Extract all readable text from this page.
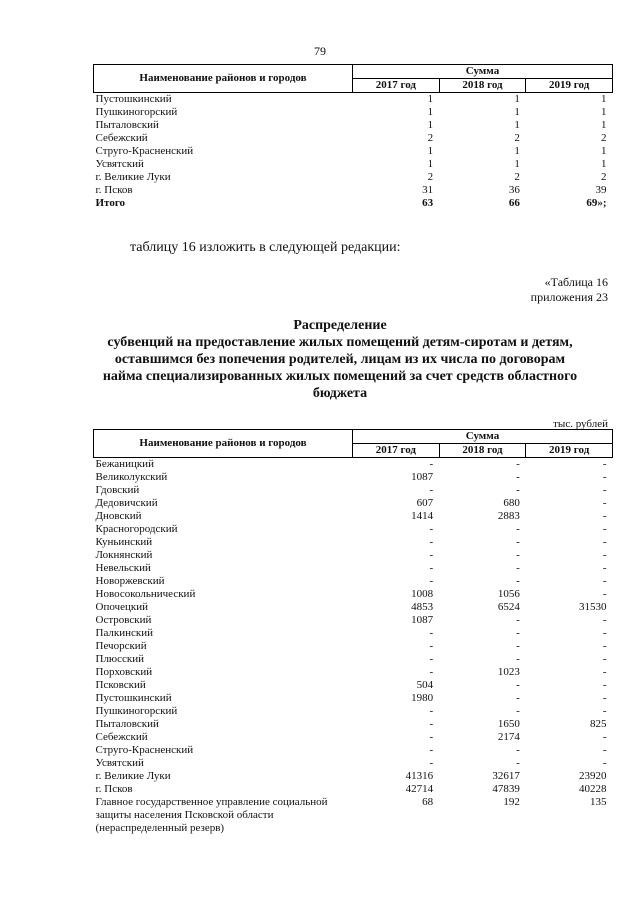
79
Наименование районов и городов	Сумма		
	2017 год	2018 год	2019 год
Пустошкинский	1	1	1
Пушкиногорский	1	1	1
Пыталовский	1	1	1
Себежский	2	2	2
Струго-Красненский	1	1	1
Усвятский	1	1	1
г. Великие Луки	2	2	2
г. Псков	31	36	39
Итого	63	66	69»;
таблицу 16 изложить в следующей редакции:
«Таблица 16
приложения 23
Распределение
субвенций на предоставление жилых помещений детям-сиротам и детям,
оставшимся без попечения родителей, лицам из их числа по договорам
найма специализированных жилых помещений за счет средств областного
бюджета
тыс. рублей
Наименование районов и городов	Сумма		
	2017 год	2018 год	2019 год
Бежаницкий	-	-	-
Великолукский	1087	-	-
Гдовский	-	-	-
Дедовичский	607	680	-
Дновский	1414	2883	-
Красногородский	-	-	-
Куньинский	-	-	-
Локнянский	-	-	-
Невельский	-	-	-
Новоржевский	-	-	-
Новосокольнический	1008	1056	-
Опочецкий	4853	6524	31530
Островский	1087	-	-
Палкинский	-	-	-
Печорский	-	-	-
Плюсский	-	-	-
Порховский	-	1023	-
Псковский	504	-	-
Пустошкинский	1980	-	-
Пушкиногорский	-	-	-
Пыталовский	-	1650	825
Себежский	-	2174	-
Струго-Красненский	-	-	-
Усвятский	-	-	-
г. Великие Луки	41316	32617	23920
г. Псков	42714	47839	40228
Главное государственное управление социальной защиты населения Псковской области (нераспределенный резерв)	68	192	135
